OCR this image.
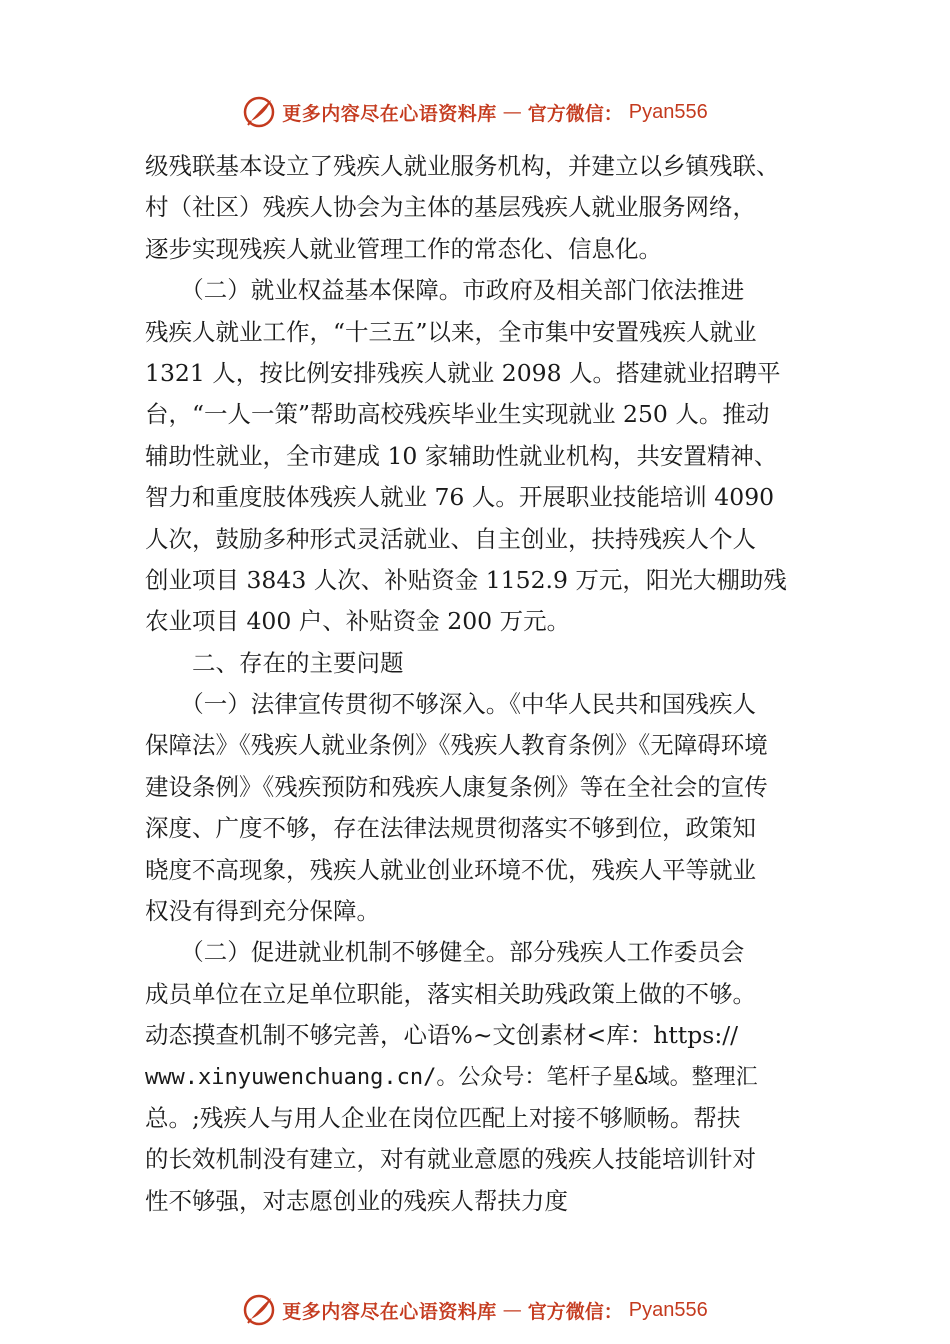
更多内容尽在心语资料库 — 官方微信： Pyan556
级残联基本设立了残疾人就业服务机构，并建立以乡镇残联、
村（社区）残疾人协会为主体的基层残疾人就业服务网络，
逐步实现残疾人就业管理工作的常态化、信息化。
　　（二）就业权益基本保障。市政府及相关部门依法推进
残疾人就业工作，“十三五”以来，全市集中安置残疾人就业
1321 人，按比例安排残疾人就业 2098 人。搭建就业招聘平
台，“一人一策”帮助高校残疾毕业生实现就业 250 人。推动
辅助性就业，全市建成 10 家辅助性就业机构，共安置精神、
智力和重度肢体残疾人就业 76 人。开展职业技能培训 4090
人次，鼓励多种形式灵活就业、自主创业，扶持残疾人个人
创业项目 3843 人次、补贴资金 1152.9 万元，阳光大棚助残
农业项目 400 户、补贴资金 200 万元。
　　二、存在的主要问题
　　（一）法律宣传贯彻不够深入。《中华人民共和国残疾人
保障法》《残疾人就业条例》《残疾人教育条例》《无障碍环境
建设条例》《残疾预防和残疾人康复条例》等在全社会的宣传
深度、广度不够，存在法律法规贯彻落实不够到位，政策知
晓度不高现象，残疾人就业创业环境不优，残疾人平等就业
权没有得到充分保障。
　　（二）促进就业机制不够健全。部分残疾人工作委员会
成员单位在立足单位职能，落实相关助残政策上做的不够。
动态摸查机制不够完善，心语%~文创素材<库：https://
www.xinyuwenchuang.cn/。公众号：笔杆子星&域。整理汇
总。;残疾人与用人企业在岗位匹配上对接不够顺畅。帮扶
的长效机制没有建立，对有就业意愿的残疾人技能培训针对
性不够强，对志愿创业的残疾人帮扶力度
更多内容尽在心语资料库 — 官方微信： Pyan556
